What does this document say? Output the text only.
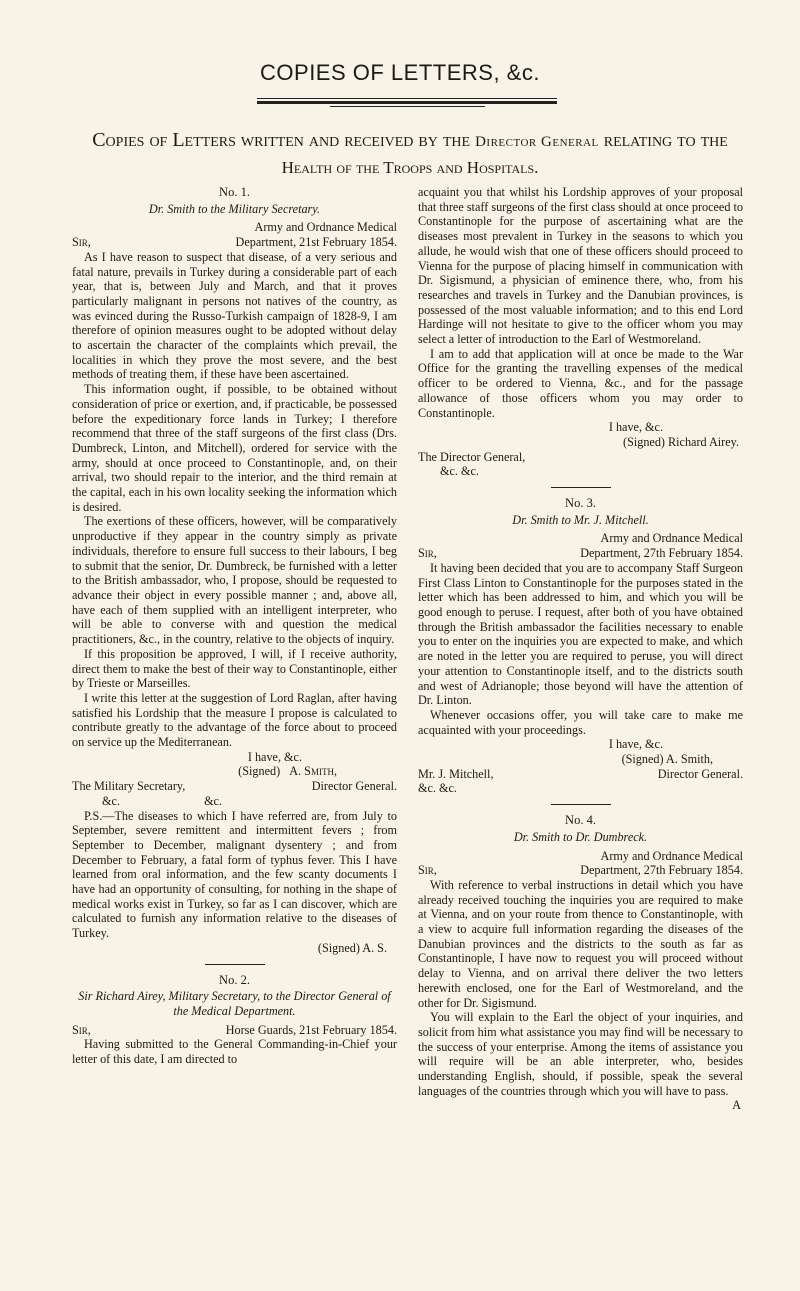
COPIES OF LETTERS, &c.
Copies of Letters written and received by the Director General relating to the
Health of the Troops and Hospitals.
No. 1.
Dr. Smith to the Military Secretary.
Army and Ordnance Medical
Sir,	Department, 21st February 1854.

As I have reason to suspect that disease, of a very serious and fatal nature, prevails in Turkey during a considerable part of each year, that is, between July and March, and that it proves particularly malignant in persons not natives of the country, as was evinced during the Russo-Turkish campaign of 1828-9, I am therefore of opinion measures ought to be adopted without delay to ascertain the character of the complaints which prevail, the localities in which they prove the most severe, and the best methods of treating them, if these have been ascertained.

This information ought, if possible, to be obtained without consideration of price or exertion, and, if practicable, be possessed before the expeditionary force lands in Turkey; I therefore recommend that three of the staff surgeons of the first class (Drs. Dumbreck, Linton, and Mitchell), ordered for service with the army, should at once proceed to Constantinople, and, on their arrival, two should repair to the interior, and the third remain at the capital, each in his own locality seeking the information which is desired.

The exertions of these officers, however, will be comparatively unproductive if they appear in the country simply as private individuals, therefore to ensure full success to their labours, I beg to submit that the senior, Dr. Dumbreck, be furnished with a letter to the British ambassador, who, I propose, should be requested to advance their object in every possible manner ; and, above all, have each of them supplied with an intelligent interpreter, who will be able to converse with and question the medical practitioners, &c., in the country, relative to the objects of inquiry.

If this proposition be approved, I will, if I receive authority, direct them to make the best of their way to Constantinople, either by Trieste or Marseilles.

I write this letter at the suggestion of Lord Raglan, after having satisfied his Lordship that the measure I propose is calculated to contribute greatly to the advantage of the force about to proceed on service up the Mediterranean.

I have, &c.
(Signed) A. Smith,
The Military Secretary,	Director General.
&c.	&c.

P.S.—The diseases to which I have referred are, from July to September, severe remittent and intermittent fevers ; from September to December, malignant dysentery ; and from December to February, a fatal form of typhus fever. This I have learned from oral information, and the few scanty documents I have had an opportunity of consulting, for nothing in the shape of medical works exist in Turkey, so far as I can discover, which are calculated to furnish any information relative to the diseases of Turkey.

(Signed) A. S.
No. 2.
Sir Richard Airey, Military Secretary, to the Director General of the Medical Department.
Sir,	Horse Guards, 21st February 1854.

Having submitted to the General Commanding-in-Chief your letter of this date, I am directed to

acquaint you that whilst his Lordship approves of your proposal that three staff surgeons of the first class should at once proceed to Constantinople for the purpose of ascertaining what are the diseases most prevalent in Turkey in the seasons to which you allude, he would wish that one of these officers should proceed to Vienna for the purpose of placing himself in communication with Dr. Sigismund, a physician of eminence there, who, from his researches and travels in Turkey and the Danubian provinces, is possessed of the most valuable information; and to this end Lord Hardinge will not hesitate to give to the officer whom you may select a letter of introduction to the Earl of Westmoreland.

I am to add that application will at once be made to the War Office for the granting the travelling expenses of the medical officer to be ordered to Vienna, &c., and for the passage allowance of those officers whom you may order to Constantinople.

I have, &c.
(Signed) Richard Airey.
The Director General,
&c. &c.
No. 3.
Dr. Smith to Mr. J. Mitchell.
Army and Ordnance Medical
Sir,	Department, 27th February 1854.

It having been decided that you are to accompany Staff Surgeon First Class Linton to Constantinople for the purposes stated in the letter which has been addressed to him, and which you will be good enough to peruse. I request, after both of you have obtained through the British ambassador the facilities necessary to enable you to enter on the inquiries you are expected to make, and which are noted in the letter you are required to peruse, you will direct your attention to Constantinople itself, and to the districts south and west of Adrianople; those beyond will have the attention of Dr. Linton.

Whenever occasions offer, you will take care to make me acquainted with your proceedings.

I have, &c.
(Signed) A. Smith,
Mr. J. Mitchell,	Director General.
&c. &c.
No. 4.
Dr. Smith to Dr. Dumbreck.
Army and Ordnance Medical
Sir,	Department, 27th February 1854.

With reference to verbal instructions in detail which you have already received touching the inquiries you are required to make at Vienna, and on your route from thence to Constantinople, with a view to acquire full information regarding the diseases of the Danubian provinces and the districts to the south as far as Constantinople, I have now to request you will proceed without delay to Vienna, and on arrival there deliver the two letters herewith enclosed, one for the Earl of Westmoreland, and the other for Dr. Sigismund.

You will explain to the Earl the object of your inquiries, and solicit from him what assistance you may find will be necessary to the success of your enterprise. Among the items of assistance you will require will be an able interpreter, who, besides understanding English, should, if possible, speak the several languages of the countries through which you will have to pass.

A
